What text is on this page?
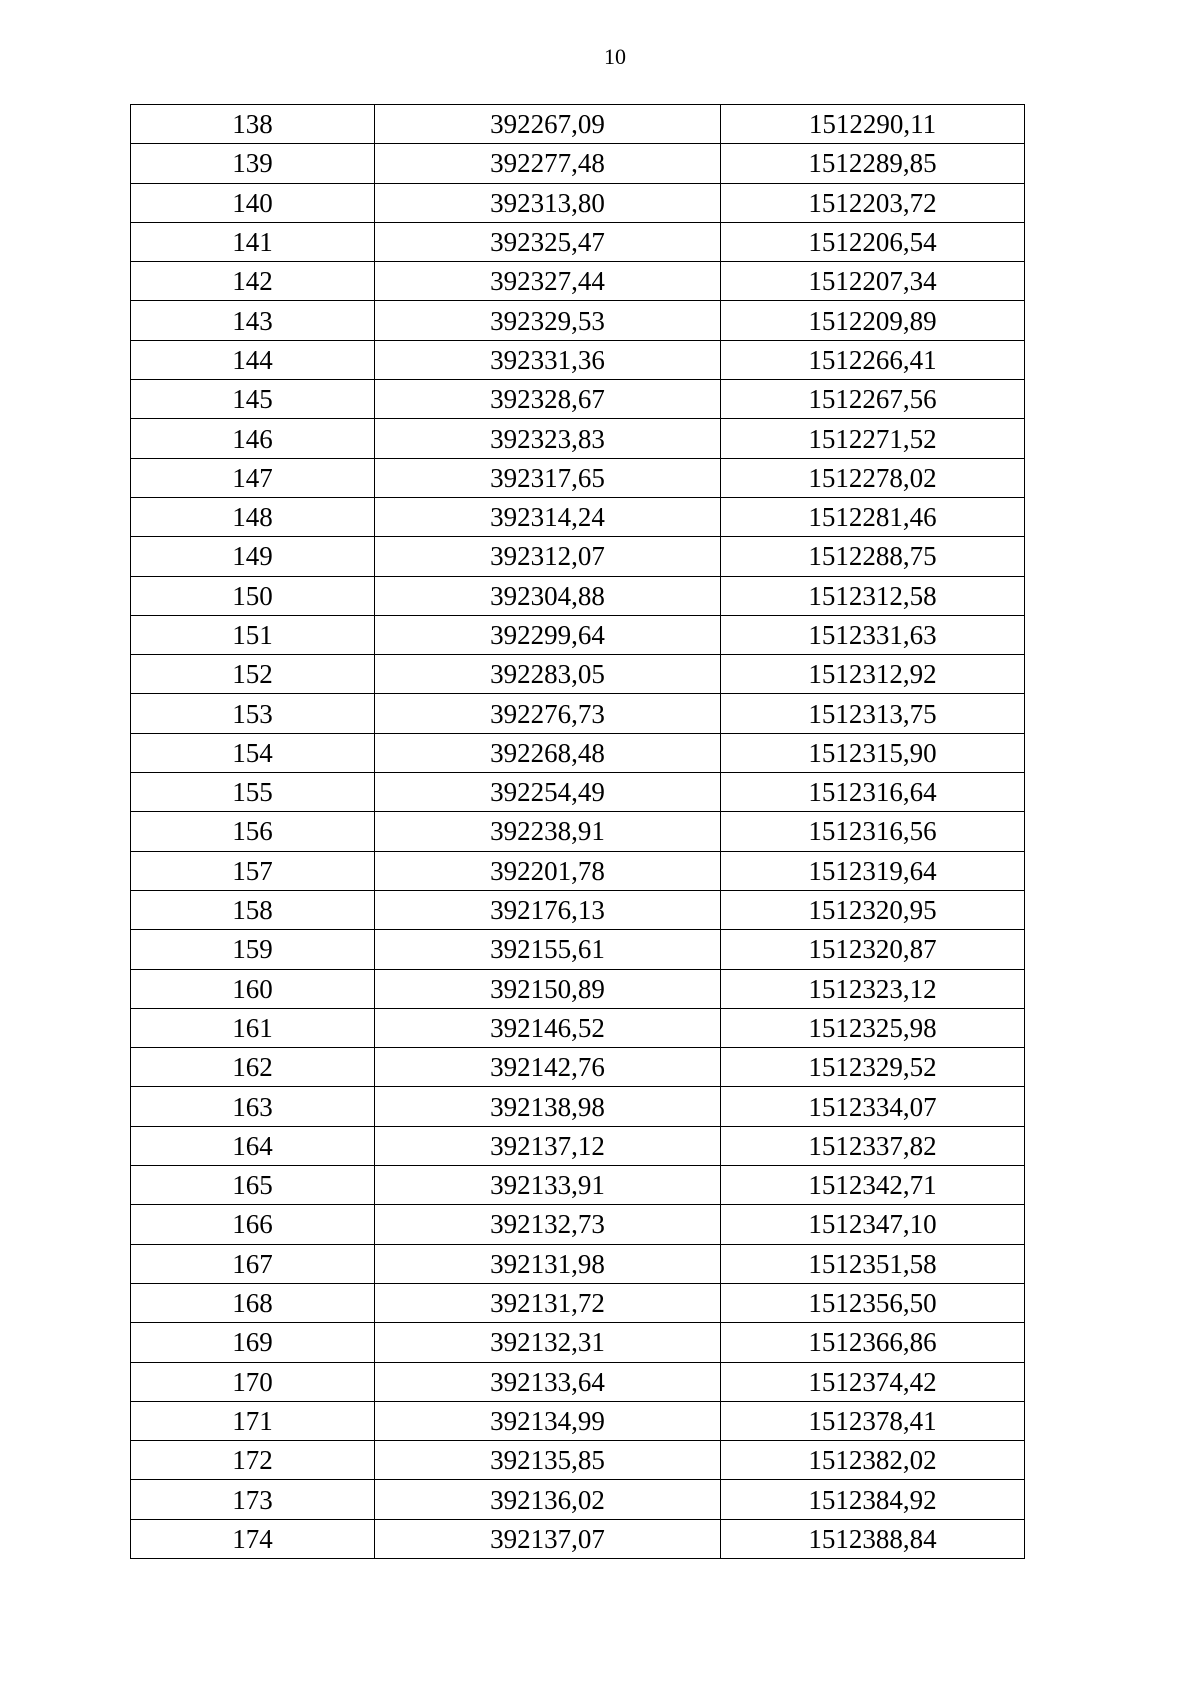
10
138	392267,09	1512290,11
139	392277,48	1512289,85
140	392313,80	1512203,72
141	392325,47	1512206,54
142	392327,44	1512207,34
143	392329,53	1512209,89
144	392331,36	1512266,41
145	392328,67	1512267,56
146	392323,83	1512271,52
147	392317,65	1512278,02
148	392314,24	1512281,46
149	392312,07	1512288,75
150	392304,88	1512312,58
151	392299,64	1512331,63
152	392283,05	1512312,92
153	392276,73	1512313,75
154	392268,48	1512315,90
155	392254,49	1512316,64
156	392238,91	1512316,56
157	392201,78	1512319,64
158	392176,13	1512320,95
159	392155,61	1512320,87
160	392150,89	1512323,12
161	392146,52	1512325,98
162	392142,76	1512329,52
163	392138,98	1512334,07
164	392137,12	1512337,82
165	392133,91	1512342,71
166	392132,73	1512347,10
167	392131,98	1512351,58
168	392131,72	1512356,50
169	392132,31	1512366,86
170	392133,64	1512374,42
171	392134,99	1512378,41
172	392135,85	1512382,02
173	392136,02	1512384,92
174	392137,07	1512388,84
